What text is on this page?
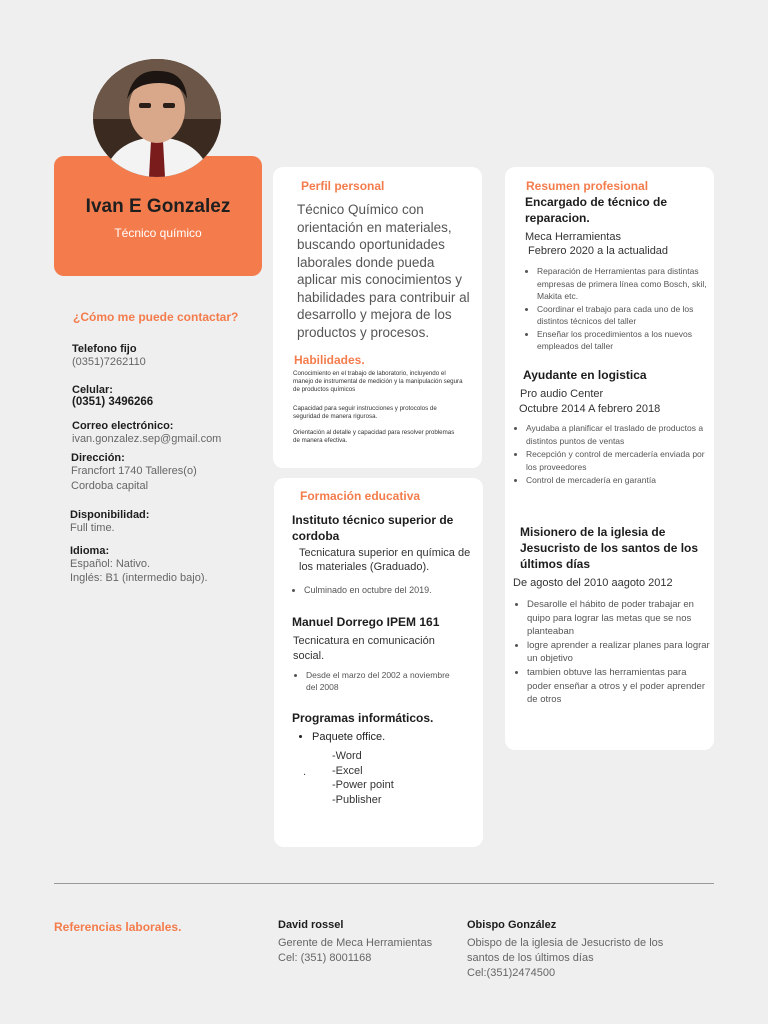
Ivan E Gonzalez
Técnico químico
¿Cómo me puede contactar?
Telefono fijo
(0351)7262110
Celular:
(0351) 3496266
Correo electrónico:
ivan.gonzalez.sep@gmail.com
Dirección:
Francfort 1740 Talleres(o)
Cordoba capital
Disponibilidad:
Full time.
Idioma:
Español: Nativo.
Inglés: B1 (intermedio bajo).
Perfil personal
Técnico Químico con orientación en materiales, buscando oportunidades laborales donde pueda aplicar mis conocimientos y habilidades para contribuir al desarrollo y mejora de los productos y procesos.
Habilidades.
Conocimiento en el trabajo de laboratorio, incluyendo el manejo de instrumental de medición y la manipulación segura de productos químicos
Capacidad para seguir instrucciones y protocolos de seguridad de manera rigurosa.
Orientación al detalle y capacidad para resolver problemas de manera efectiva.
Formación educativa
Instituto técnico superior de cordoba
Tecnicatura superior en química de los materiales (Graduado).
• Culminado en octubre del 2019.
Manuel Dorrego IPEM 161
Tecnicatura en comunicación social.
• Desde el marzo del 2002 a noviembre del 2008
Programas informáticos.
• Paquete office.
.
-Word
-Excel
-Power point
-Publisher
Resumen profesional
Encargado de técnico de reparacion.
Meca Herramientas
Febrero 2020 a la actualidad
• Reparación de Herramientas para distintas empresas de primera línea como Bosch, skil, Makita etc.
• Coordinar el trabajo para cada uno de los distintos técnicos del taller
• Enseñar los procedimientos a los nuevos empleados del taller
Ayudante en logistica
Pro audio Center
Octubre 2014 A febrero 2018
• Ayudaba a planificar el traslado de productos a distintos puntos de ventas
• Recepción y control de mercadería enviada por los proveedores
• Control de mercadería en garantía
Misionero de la iglesia de Jesucristo de los santos de los últimos días
De agosto del 2010 aagoto 2012
• Desarolle el hábito de poder trabajar en quipo para lograr las metas que se nos planteaban
• logre aprender a realizar planes para lograr un objetivo
• tambien obtuve las herramientas para poder enseñar a otros y el poder aprender de otros
Referencias laborales.	David rossel
Gerente de Meca Herramientas
Cel: (351) 8001168
Obispo González
Obispo de la iglesia de Jesucristo de los
santos de los últimos días
Cel:(351)2474500
